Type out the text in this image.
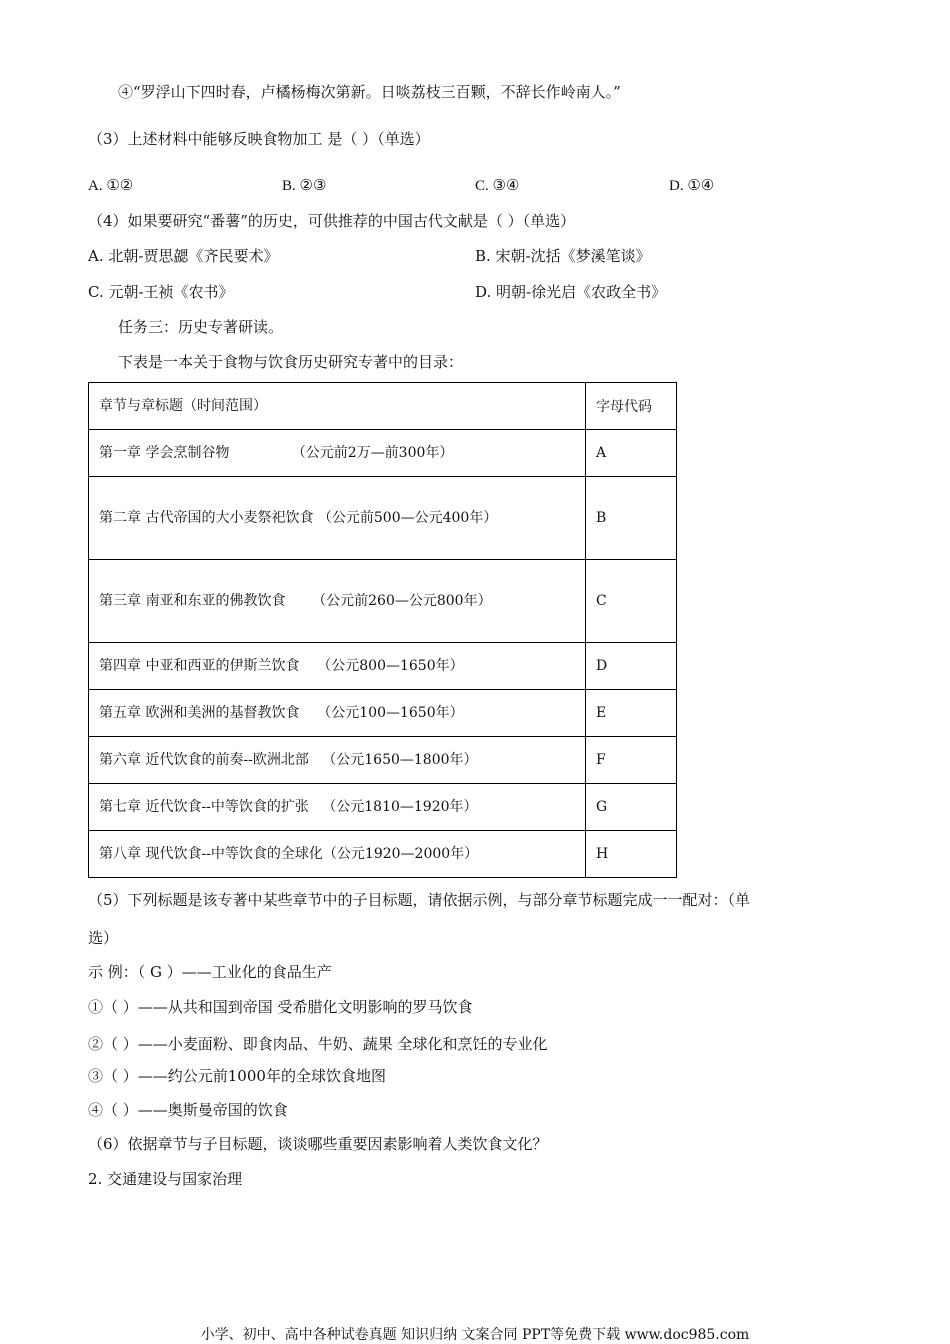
④“罗浮山下四时春，卢橘杨梅次第新。日啖荔枝三百颗，不辞长作岭南人。”
（3）上述材料中能够反映食物加工 是（ ）（单选）
A. ①②	B. ②③	C. ③④	D. ①④
（4）如果要研究“番薯”的历史，可供推荐的中国古代文献是（ ）（单选）
A. 北朝-贾思勰《齐民要术》	B. 宋朝-沈括《梦溪笔谈》
C. 元朝-王祯《农书》	D. 明朝-徐光启《农政全书》
任务三：历史专著研读。
下表是一本关于食物与饮食历史研究专著中的目录：
章节与章标题（时间范围）	字母代码
第一章 学会烹制谷物              （公元前2万—前300年）	A
第二章 古代帝国的大小麦祭祀饮食 （公元前500—公元400年）	B
第三章 南亚和东亚的佛教饮食      （公元前260—公元800年）	C
第四章 中亚和西亚的伊斯兰饮食    （公元800—1650年）	D
第五章 欧洲和美洲的基督教饮食    （公元100—1650年）	E
第六章 近代饮食的前奏--欧洲北部   （公元1650—1800年）	F
第七章 近代饮食--中等饮食的扩张   （公元1810—1920年）	G
第八章 现代饮食--中等饮食的全球化（公元1920—2000年）	H
（5）下列标题是该专著中某些章节中的子目标题，请依据示例，与部分章节标题完成一一配对：（单
选）
示 例：（ G ）——工业化的食品生产
①（ ）——从共和国到帝国 受希腊化文明影响的罗马饮食
②（ ）——小麦面粉、即食肉品、牛奶、蔬果 全球化和烹饪的专业化
③（ ）——约公元前1000年的全球饮食地图
④（ ）——奥斯曼帝国的饮食
（6）依据章节与子目标题，谈谈哪些重要因素影响着人类饮食文化？
2. 交通建设与国家治理
小学、初中、高中各种试卷真题 知识归纳 文案合同 PPT等免费下载 www.doc985.com
